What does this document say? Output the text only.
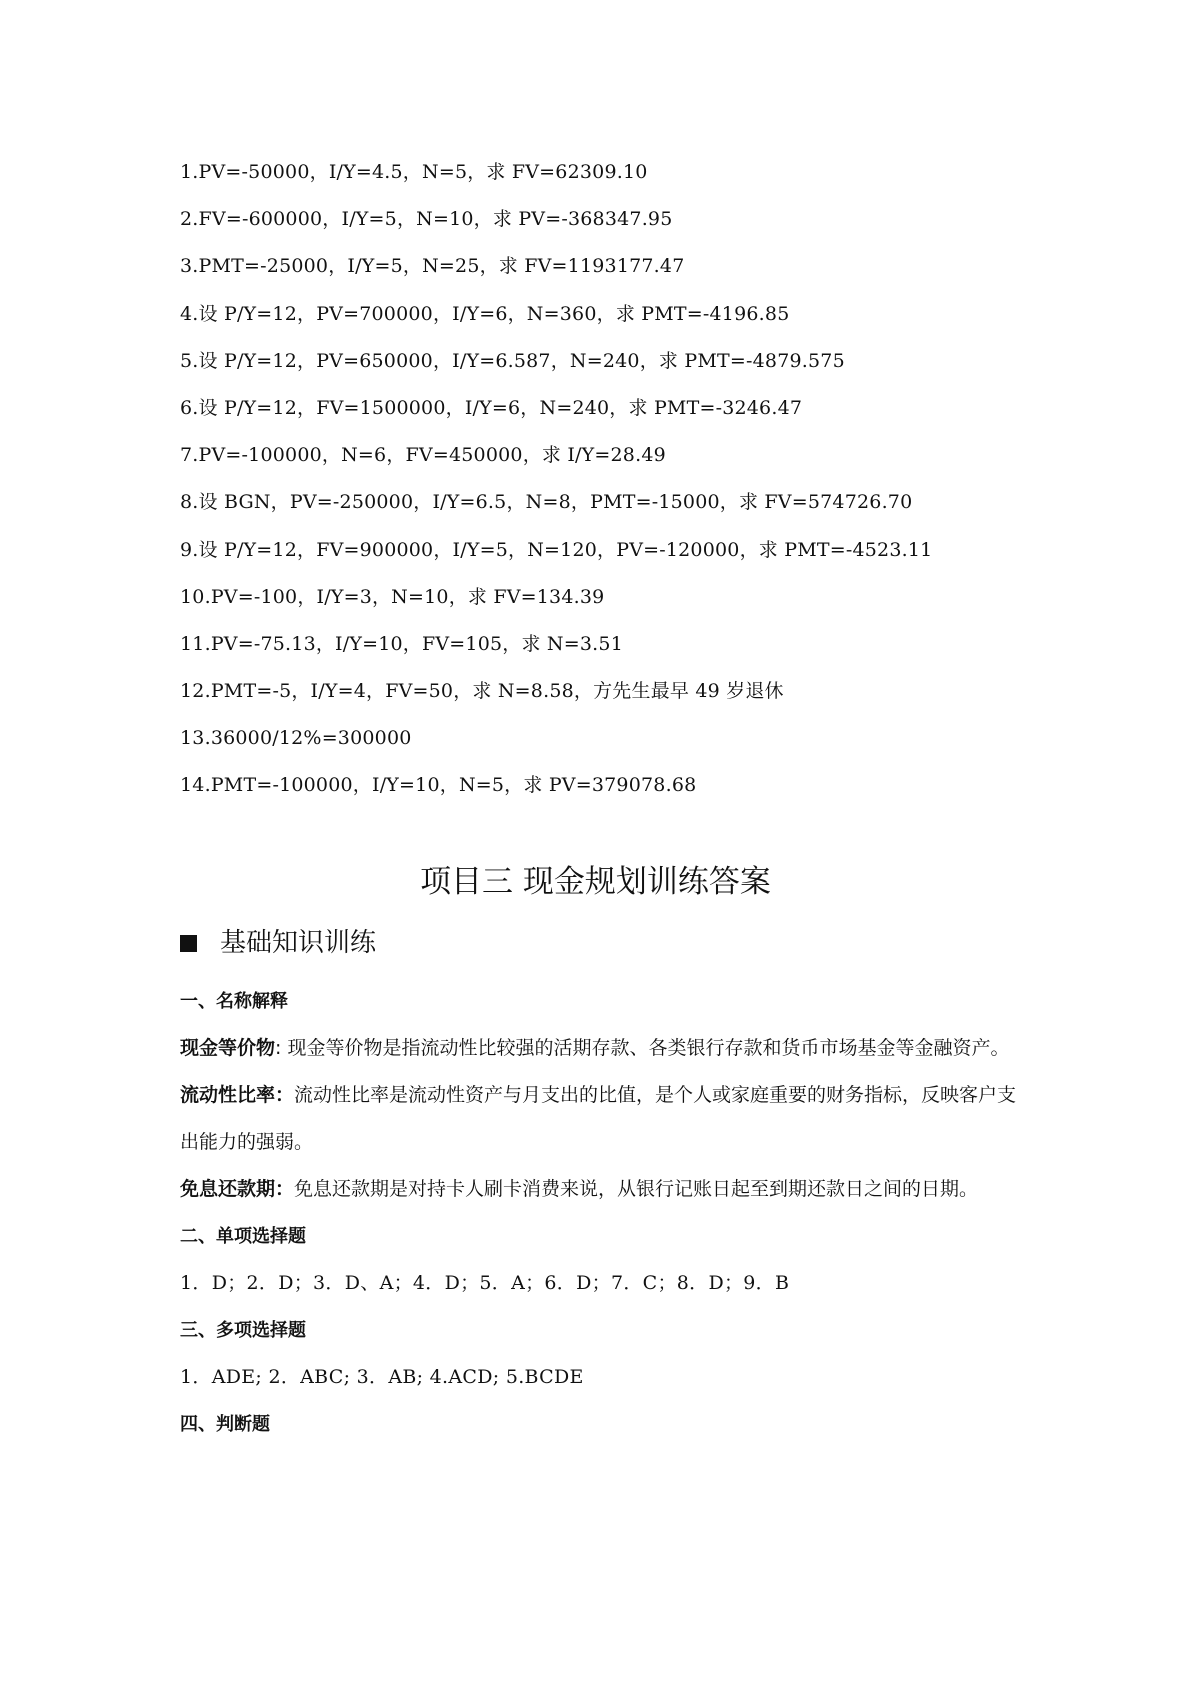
1.PV=-50000，I/Y=4.5，N=5，求 FV=62309.10
2.FV=-600000，I/Y=5，N=10，求 PV=-368347.95
3.PMT=-25000，I/Y=5，N=25，求 FV=1193177.47
4.设 P/Y=12，PV=700000，I/Y=6，N=360，求 PMT=-4196.85
5.设 P/Y=12，PV=650000，I/Y=6.587，N=240，求 PMT=-4879.575
6.设 P/Y=12，FV=1500000，I/Y=6，N=240，求 PMT=-3246.47
7.PV=-100000，N=6，FV=450000，求 I/Y=28.49
8.设 BGN，PV=-250000，I/Y=6.5，N=8，PMT=-15000，求 FV=574726.70
9.设 P/Y=12，FV=900000，I/Y=5，N=120，PV=-120000，求 PMT=-4523.11
10.PV=-100，I/Y=3，N=10，求 FV=134.39
11.PV=-75.13，I/Y=10，FV=105，求 N=3.51
12.PMT=-5，I/Y=4，FV=50，求 N=8.58，方先生最早 49 岁退休
13.36000/12%=300000
14.PMT=-100000，I/Y=10，N=5，求 PV=379078.68
项目三 现金规划训练答案
基础知识训练
一、名称解释
现金等价物: 现金等价物是指流动性比较强的活期存款、各类银行存款和货币市场基金等金融资产。
流动性比率：流动性比率是流动性资产与月支出的比值，是个人或家庭重要的财务指标，反映客户支出能力的强弱。
免息还款期：免息还款期是对持卡人刷卡消费来说，从银行记账日起至到期还款日之间的日期。
二、单项选择题
1．D；2．D；3．D、A；4．D；5．A；6．D；7．C；8．D；9．B
三、多项选择题
1．ADE; 2．ABC; 3．AB; 4.ACD; 5.BCDE
四、判断题
